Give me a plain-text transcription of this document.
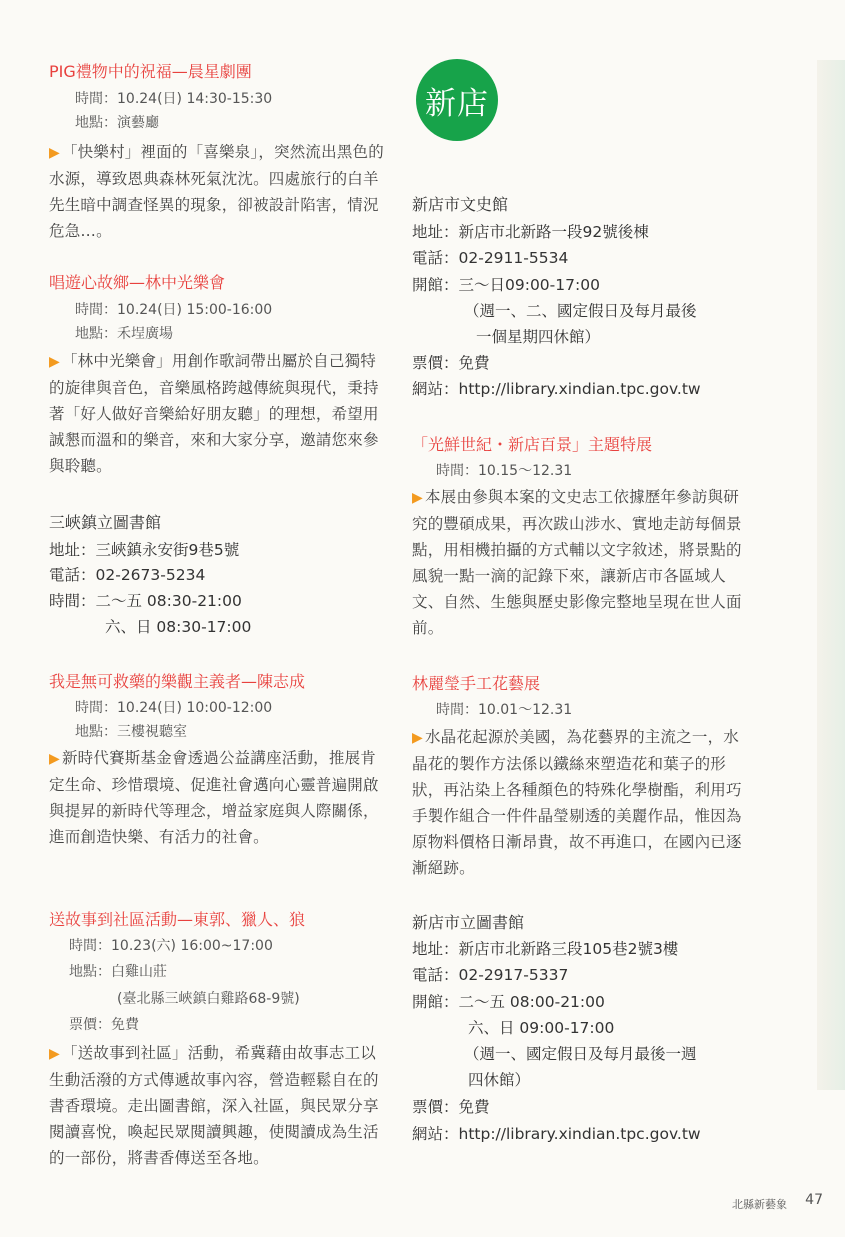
PIG禮物中的祝福—晨星劇團
時間：10.24(日) 14:30-15:30
地點：演藝廳
▶ 「快樂村」裡面的「喜樂泉」，突然流出黑色的水源，導致恩典森林死氣沈沈。四處旅行的白羊先生暗中調查怪異的現象，卻被設計陷害，情況危急…。
唱遊心故鄉—林中光樂會
時間：10.24(日) 15:00-16:00
地點：禾埕廣場
▶ 「林中光樂會」用創作歌詞帶出屬於自己獨特的旋律與音色，音樂風格跨越傳統與現代，秉持著「好人做好音樂給好朋友聽」的理想，希望用誠懇而溫和的樂音，來和大家分享，邀請您來參與聆聽。
三峽鎮立圖書館
地址：三峽鎮永安街9巷5號
電話：02-2673-5234
時間：二～五 08:30-21:00
六、日 08:30-17:00
我是無可救藥的樂觀主義者—陳志成
時間：10.24(日) 10:00-12:00
地點：三樓視聽室
▶ 新時代賽斯基金會透過公益講座活動，推展肯定生命、珍惜環境、促進社會邁向心靈普遍開啟與提昇的新時代等理念，增益家庭與人際關係，進而創造快樂、有活力的社會。
送故事到社區活動—東郭、獵人、狼
時間：10.23(六) 16:00~17:00
地點：白雞山莊
(臺北縣三峽鎮白雞路68-9號)
票價：免費
▶ 「送故事到社區」活動，希冀藉由故事志工以生動活潑的方式傳遞故事內容，營造輕鬆自在的書香環境。走出圖書館，深入社區，與民眾分享閱讀喜悅，喚起民眾閱讀興趣，使閱讀成為生活的一部份，將書香傳送至各地。
新店
新店市文史館
地址：新店市北新路一段92號後棟
電話：02-2911-5534
開館：三～日09:00-17:00
（週一、二、國定假日及每月最後
一個星期四休館）
票價：免費
網站：http://library.xindian.tpc.gov.tw
「光鮮世紀・新店百景」主題特展
時間：10.15～12.31
▶ 本展由參與本案的文史志工依據歷年參訪與研究的豐碩成果，再次跋山涉水、實地走訪每個景點，用相機拍攝的方式輔以文字敘述，將景點的風貌一點一滴的記錄下來，讓新店市各區域人文、自然、生態與歷史影像完整地呈現在世人面前。
林麗瑩手工花藝展
時間：10.01～12.31
▶ 水晶花起源於美國，為花藝界的主流之一，水晶花的製作方法係以鐵絲來塑造花和葉子的形狀，再沾染上各種顏色的特殊化學樹酯，利用巧手製作組合一件件晶瑩剔透的美麗作品，惟因為原物料價格日漸昂貴，故不再進口，在國內已逐漸絕跡。
新店市立圖書館
地址：新店市北新路三段105巷2號3樓
電話：02-2917-5337
開館：二～五 08:00-21:00
六、日 09:00-17:00
（週一、國定假日及每月最後一週
四休館）
票價：免費
網站：http://library.xindian.tpc.gov.tw
北縣新藝象 47
